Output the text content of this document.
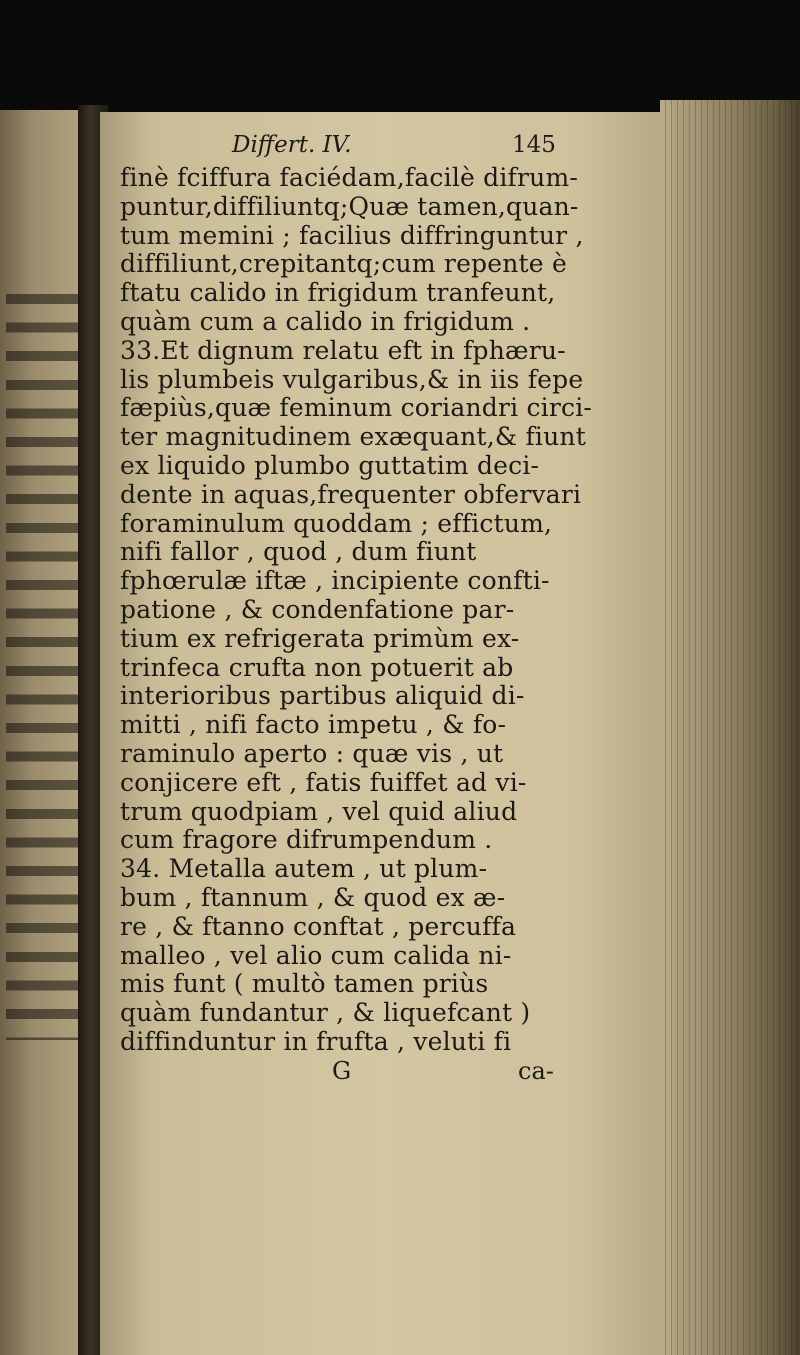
Differt. IV.	145
finè fciffura faciédam,facilè difrum-
puntur,diffiliuntq;Quæ tamen,quan-
tum memini ; facilius diffringuntur ,
diffiliunt,crepitantq;cum repente è
ftatu calido in frigidum tranfeunt,
quàm cum a calido in frigidum .
33.Et dignum relatu eft in fphæru-
lis plumbeis vulgaribus,& in iis fepe
fæpiùs,quæ feminum coriandri circi-
ter magnitudinem exæquant,& fiunt
ex liquido plumbo guttatim deci-
dente in aquas,frequenter obfervari
foraminulum quoddam ; effictum,
nifi fallor , quod , dum fiunt
fphœrulæ iftæ , incipiente confti-
patione , & condenfatione par-
tium ex refrigerata primùm ex-
trinfeca crufta non potuerit ab
interioribus partibus aliquid di-
mitti , nifi facto impetu , & fo-
raminulo aperto : quæ vis , ut
conjicere eft , fatis fuiffet ad vi-
trum quodpiam , vel quid aliud
cum fragore difrumpendum .
34. Metalla autem , ut plum-
bum , ftannum , & quod ex æ-
re , & ftanno conftat , percuffa
malleo , vel alio cum calida ni-
mis funt ( multò tamen priùs
quàm fundantur , & liquefcant )
diffinduntur in frufta , veluti fi
G	ca-
